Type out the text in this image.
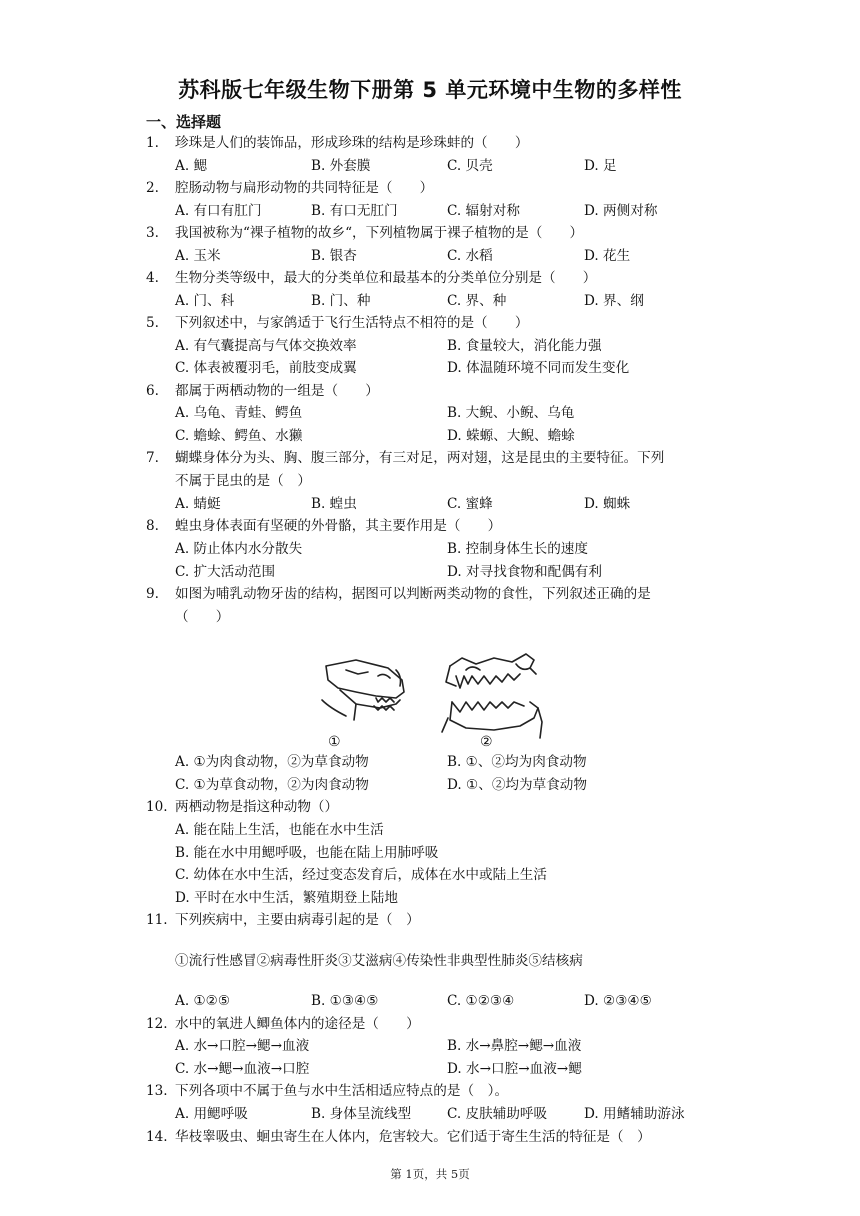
苏科版七年级生物下册第 5 单元环境中生物的多样性
一、选择题
1.	珍珠是人们的装饰品，形成珍珠的结构是珍珠蚌的（　　）
A. 鳃	B. 外套膜	C. 贝壳	D. 足
2.	腔肠动物与扁形动物的共同特征是（　　）
A. 有口有肛门	B. 有口无肛门	C. 辐射对称	D. 两侧对称
3.	我国被称为“裸子植物的故乡“，下列植物属于裸子植物的是（　　）
A. 玉米	B. 银杏	C. 水稻	D. 花生
4.	生物分类等级中，最大的分类单位和最基本的分类单位分别是（　　）
A. 门、科	B. 门、种	C. 界、种	D. 界、纲
5.	下列叙述中，与家鸽适于飞行生活特点不相符的是（　　）
A. 有气囊提高与气体交换效率	B. 食量较大，消化能力强
C. 体表被覆羽毛，前肢变成翼	D. 体温随环境不同而发生变化
6.	都属于两栖动物的一组是（　　）
A. 乌龟、青蛙、鳄鱼	B. 大鲵、小鲵、乌龟
C. 蟾蜍、鳄鱼、水獭	D. 蝾螈、大鲵、蟾蜍
7.	蝴蝶身体分为头、胸、腹三部分，有三对足，两对翅，这是昆虫的主要特征。下列
不属于昆虫的是（　）
A. 蜻蜓	B. 蝗虫	C. 蜜蜂	D. 蜘蛛
8.	蝗虫身体表面有坚硬的外骨骼，其主要作用是（　　）
A. 防止体内水分散失	B. 控制身体生长的速度
C. 扩大活动范围	D. 对寻找食物和配偶有利
9.	如图为哺乳动物牙齿的结构，据图可以判断两类动物的食性，下列叙述正确的是
（　　）
①	②
A. ①为肉食动物，②为草食动物	B. ①、②均为肉食动物
C. ①为草食动物，②为肉食动物	D. ①、②均为草食动物
10. 两栖动物是指这种动物（）
A. 能在陆上生活，也能在水中生活
B. 能在水中用鳃呼吸，也能在陆上用肺呼吸
C. 幼体在水中生活，经过变态发育后，成体在水中或陆上生活
D. 平时在水中生活，繁殖期登上陆地
11. 下列疾病中，主要由病毒引起的是（　）
①流行性感冒②病毒性肝炎③艾滋病④传染性非典型性肺炎⑤结核病
A. ①②⑤	B. ①③④⑤	C. ①②③④	D. ②③④⑤
12. 水中的氧进人鲫鱼体内的途径是（　　）
A. 水→口腔→鳃→血液	B. 水→鼻腔→鳃→血液
C. 水→鳃→血液→口腔	D. 水→口腔→血液→鳃
13. 下列各项中不属于鱼与水中生活相适应特点的是（　）。
A. 用鳃呼吸	B. 身体呈流线型	C. 皮肤辅助呼吸	D. 用鳍辅助游泳
14. 华枝睾吸虫、蛔虫寄生在人体内，危害较大。它们适于寄生生活的特征是（　）
第 1页，共 5页
